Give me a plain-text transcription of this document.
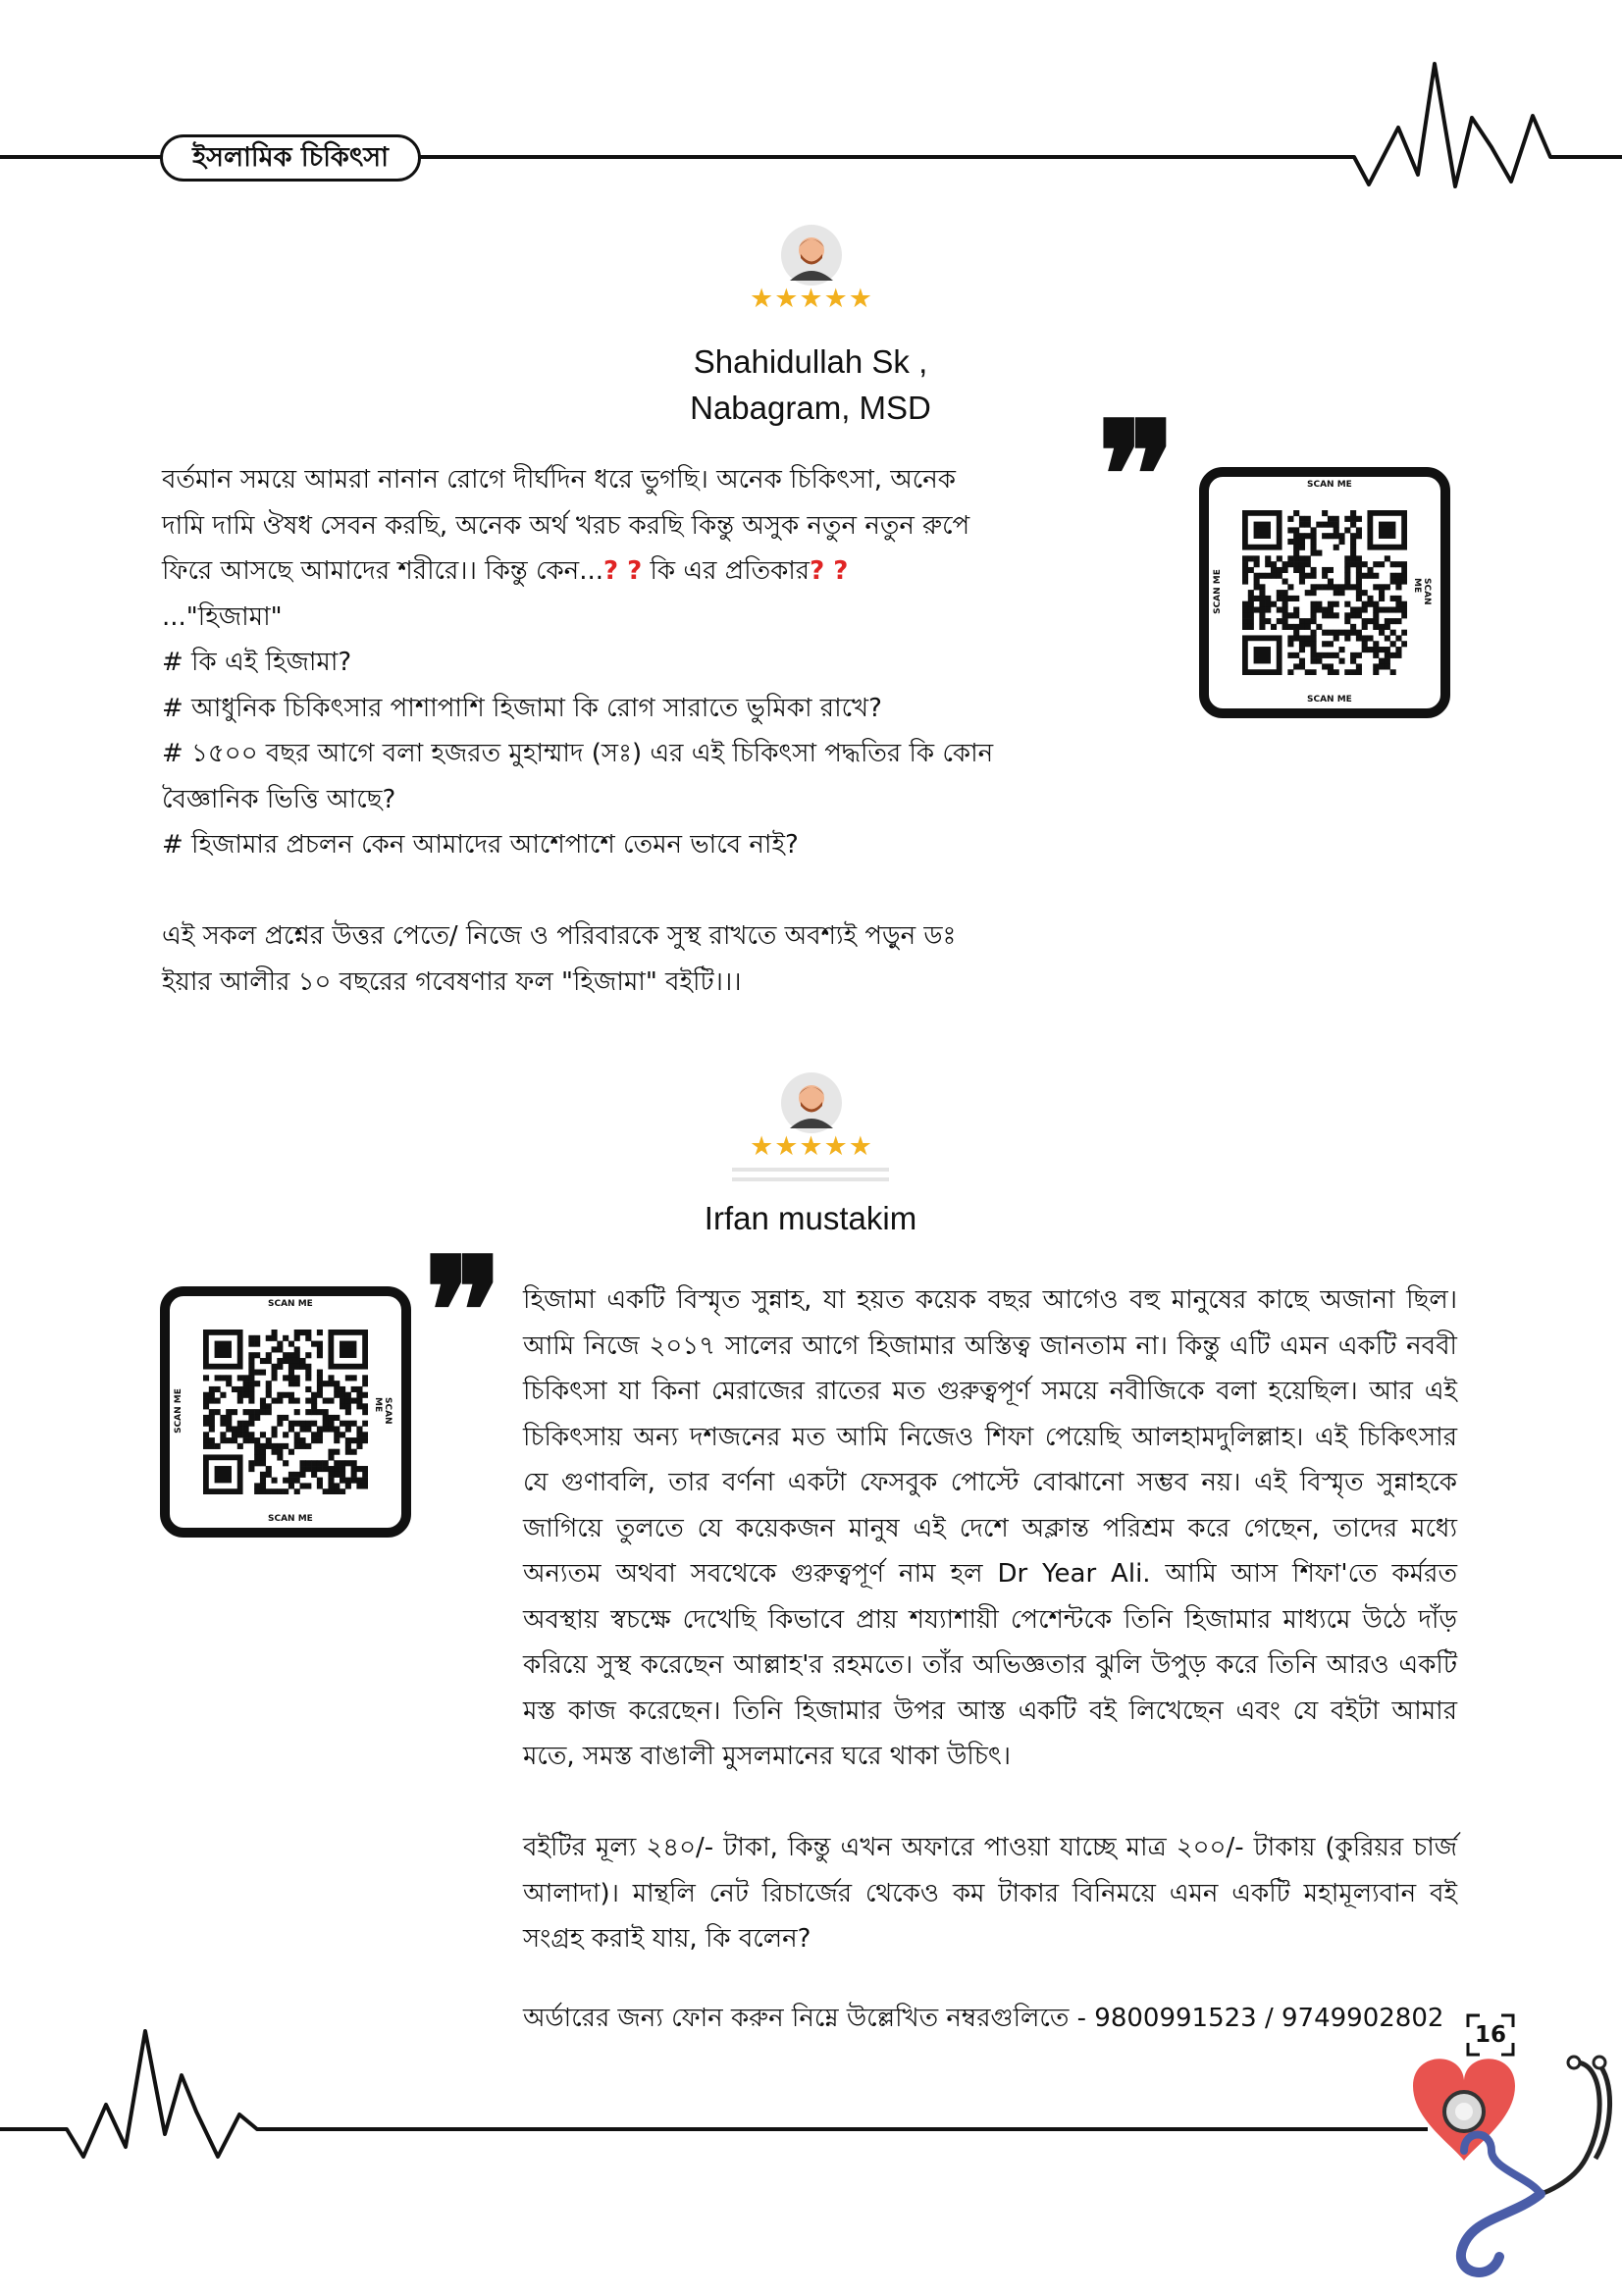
ইসলামিক চিকিৎসা
★★★★★
Shahidullah Sk ,
Nabagram, MSD	❞

বর্তমান সময়ে আমরা নানান রোগে দীর্ঘদিন ধরে ভুগছি। অনেক চিকিৎসা, অনেক

দামি দামি ঔষধ সেবন করছি, অনেক অর্থ খরচ করছি কিন্তু অসুক নতুন নতুন রুপে

ফিরে আসছে আমাদের শরীরে।। কিন্তু কেন...? ? কি এর প্রতিকার? ?

..."হিজামা"

# কি এই হিজামা?

# আধুনিক চিকিৎসার পাশাপাশি হিজামা কি রোগ সারাতে ভুমিকা রাখে?

# ১৫০০ বছর আগে বলা হজরত মুহাম্মাদ (সঃ) এর এই চিকিৎসা পদ্ধতির কি কোন

বৈজ্ঞানিক ভিত্তি আছে?

# হিজামার প্রচলন কেন আমাদের আশেপাশে তেমন ভাবে নাই?

এই সকল প্রশ্নের উত্তর পেতে/ নিজে ও পরিবারকে সুস্থ রাখতে অবশ্যই পড়ুন ডঃ

ইয়ার আলীর ১০ বছরের গবেষণার ফল "হিজামা" বইটি।।।

SCAN ME
SCAN ME
SCAN ME	SCAN ME
★★★★★
Irfan mustakim
❞
SCAN ME
SCAN ME
SCAN ME	SCAN ME

হিজামা একটি বিস্মৃত সুন্নাহ, যা হয়ত কয়েক বছর আগেও বহু মানুষের কাছে অজানা ছিল। আমি নিজে ২০১৭ সালের আগে হিজামার অস্তিত্ব জানতাম না। কিন্তু এটি এমন একটি নববী চিকিৎসা যা কিনা মেরাজের রাতের মত গুরুত্বপূর্ণ সময়ে নবীজিকে বলা হয়েছিল। আর এই চিকিৎসায় অন্য দশজনের মত আমি নিজেও শিফা পেয়েছি আলহামদুলিল্লাহ। এই চিকিৎসার যে গুণাবলি, তার বর্ণনা একটা ফেসবুক পোস্টে বোঝানো সম্ভব নয়। এই বিস্মৃত সুন্নাহকে জাগিয়ে তুলতে যে কয়েকজন মানুষ এই দেশে অক্লান্ত পরিশ্রম করে গেছেন, তাদের মধ্যে অন্যতম অথবা সবথেকে গুরুত্বপূর্ণ নাম হল Dr Year Ali. আমি আস শিফা'তে কর্মরত অবস্থায় স্বচক্ষে দেখেছি কিভাবে প্রায় শয্যাশায়ী পেশেন্টকে তিনি হিজামার মাধ্যমে উঠে দাঁড় করিয়ে সুস্থ করেছেন আল্লাহ'র রহমতে। তাঁর অভিজ্ঞতার ঝুলি উপুড় করে তিনি আরও একটি মস্ত কাজ করেছেন। তিনি হিজামার উপর আস্ত একটি বই লিখেছেন এবং যে বইটা আমার মতে, সমস্ত বাঙালী মুসলমানের ঘরে থাকা উচিৎ।

বইটির মূল্য ২৪০/- টাকা, কিন্তু এখন অফারে পাওয়া যাচ্ছে মাত্র ২০০/- টাকায় (কুরিয়র চার্জ আলাদা)। মান্থলি নেট রিচার্জের থেকেও কম টাকার বিনিময়ে এমন একটি মহামূল্যবান বই সংগ্রহ করাই যায়, কি বলেন?

অর্ডারের জন্য ফোন করুন নিম্নে উল্লেখিত নম্বরগুলিতে - 9800991523 / 9749902802
16
